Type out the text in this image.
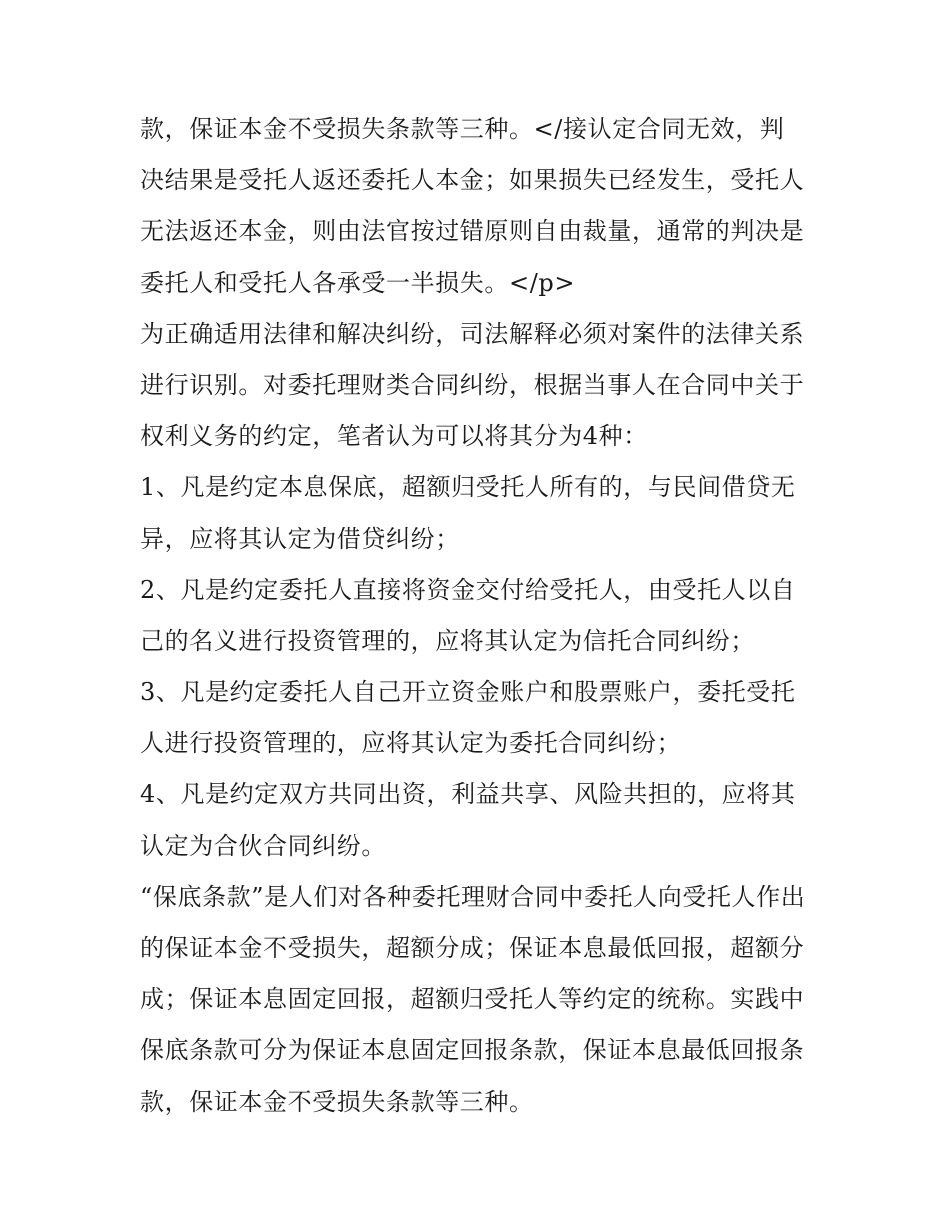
款，保证本金不受损失条款等三种。</接认定合同无效，判
决结果是受托人返还委托人本金；如果损失已经发生，受托人
无法返还本金，则由法官按过错原则自由裁量，通常的判决是
委托人和受托人各承受一半损失。</p>
为正确适用法律和解决纠纷，司法解释必须对案件的法律关系
进行识别。对委托理财类合同纠纷，根据当事人在合同中关于
权利义务的约定，笔者认为可以将其分为4种：
1、凡是约定本息保底，超额归受托人所有的，与民间借贷无
异，应将其认定为借贷纠纷；
2、凡是约定委托人直接将资金交付给受托人，由受托人以自
己的名义进行投资管理的，应将其认定为信托合同纠纷；
3、凡是约定委托人自己开立资金账户和股票账户，委托受托
人进行投资管理的，应将其认定为委托合同纠纷；
4、凡是约定双方共同出资，利益共享、风险共担的，应将其
认定为合伙合同纠纷。
“保底条款”是人们对各种委托理财合同中委托人向受托人作出
的保证本金不受损失，超额分成；保证本息最低回报，超额分
成；保证本息固定回报，超额归受托人等约定的统称。实践中
保底条款可分为保证本息固定回报条款，保证本息最低回报条
款，保证本金不受损失条款等三种。
